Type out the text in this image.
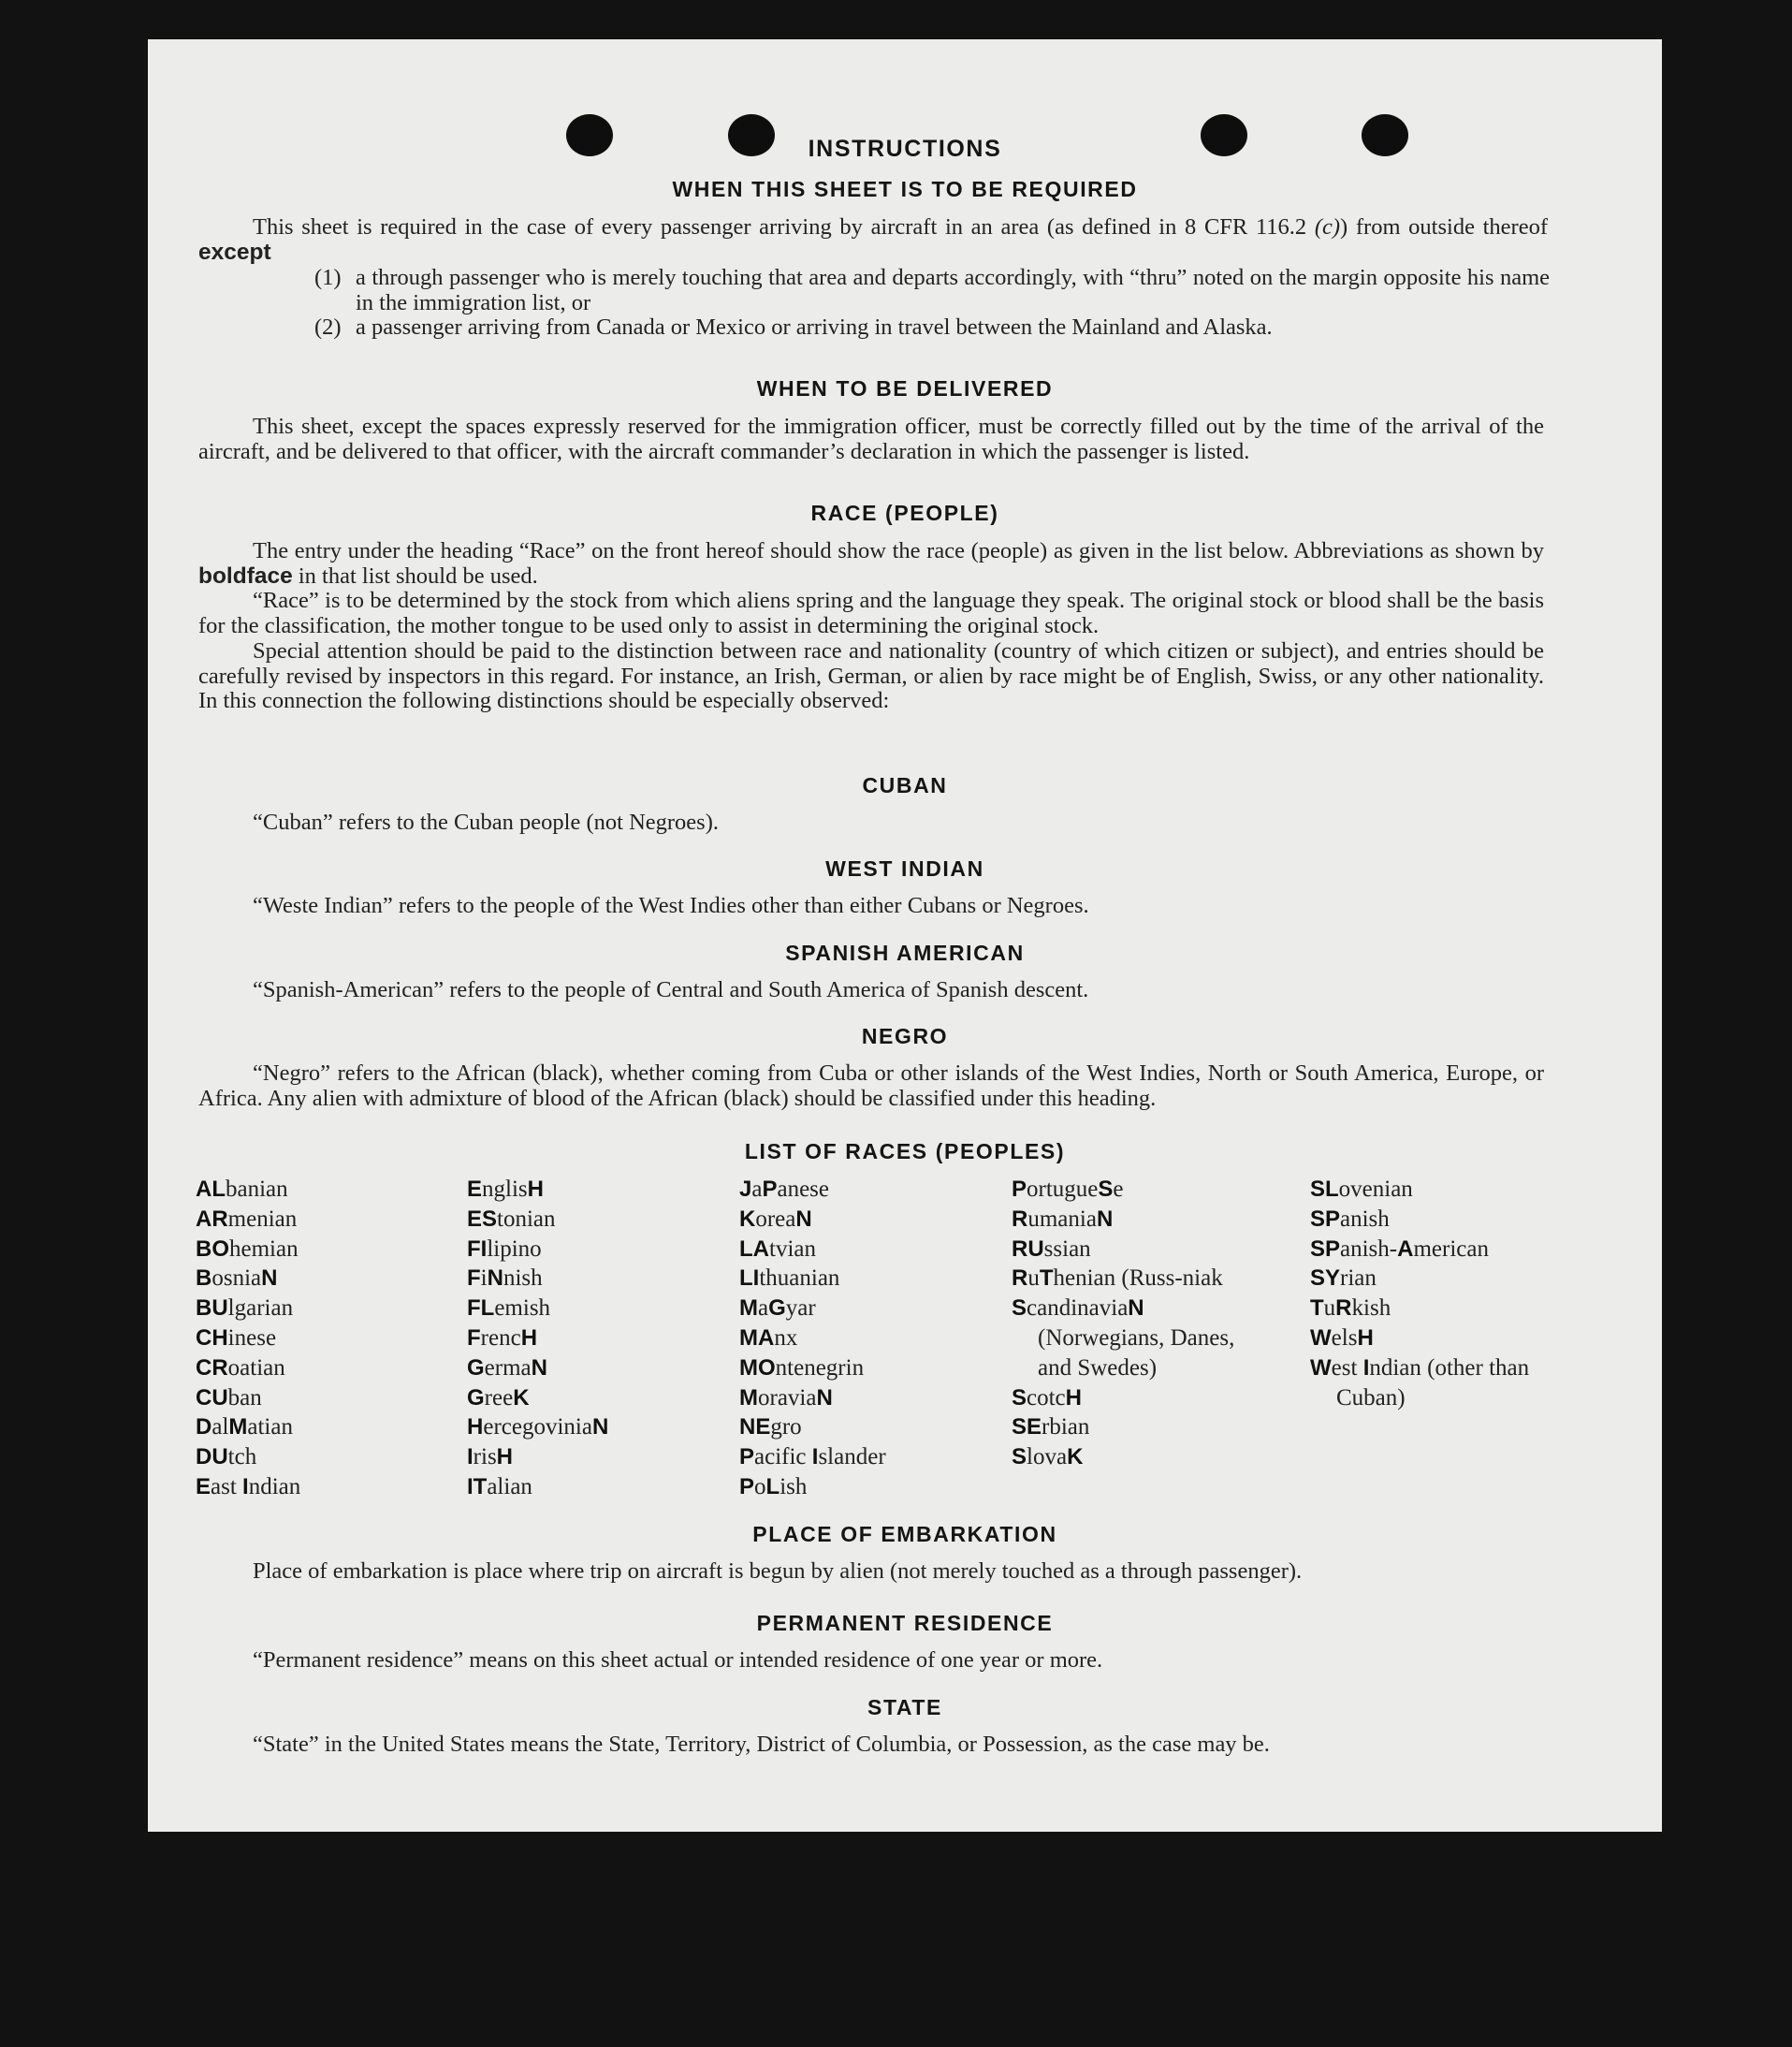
INSTRUCTIONS
WHEN THIS SHEET IS TO BE REQUIRED
This sheet is required in the case of every passenger arriving by aircraft in an area (as defined in 8 CFR 116.2 (c)) from outside thereof except
(1) a through passenger who is merely touching that area and departs accordingly, with “thru” noted on the margin opposite his name in the immigration list, or
(2) a passenger arriving from Canada or Mexico or arriving in travel between the Mainland and Alaska.
WHEN TO BE DELIVERED
This sheet, except the spaces expressly reserved for the immigration officer, must be correctly filled out by the time of the arrival of the aircraft, and be delivered to that officer, with the aircraft commander’s declaration in which the passenger is listed.
RACE (PEOPLE)
The entry under the heading “Race” on the front hereof should show the race (people) as given in the list below. Abbreviations as shown by boldface in that list should be used.
“Race” is to be determined by the stock from which aliens spring and the language they speak. The original stock or blood shall be the basis for the classification, the mother tongue to be used only to assist in determining the original stock.
Special attention should be paid to the distinction between race and nationality (country of which citizen or subject), and entries should be carefully revised by inspectors in this regard. For instance, an Irish, German, or alien by race might be of English, Swiss, or any other nationality. In this connection the following distinctions should be especially observed:
CUBAN
“Cuban” refers to the Cuban people (not Negroes).
WEST INDIAN
“Weste Indian” refers to the people of the West Indies other than either Cubans or Negroes.
SPANISH AMERICAN
“Spanish-American” refers to the people of Central and South America of Spanish descent.
NEGRO
“Negro” refers to the African (black), whether coming from Cuba or other islands of the West Indies, North or South America, Europe, or Africa. Any alien with admixture of blood of the African (black) should be classified under this heading.
LIST OF RACES (PEOPLES)
ALbanian
ARmenian
BOhemian
BosniaN
BUlgarian
CHinese
CRoatian
CUban
DalMatian
DUtch
East Indian
EnglisH
EStonian
FIlipino
FiNnish
FLemish
FrencH
GermaN
GreeK
HercegoviniaN
IrisH
ITalian
JaPanese
KoreaN
LAtvian
LIthuanian
MaGyar
MAnx
MOntenegrin
MoraviaN
NEgro
Pacific Islander
PoLish
PortugueSe
RumaniaN
RUssian
RuThenian (Russ-niak
ScandinaviaN (Norwegians, Danes, and Swedes)
ScotcH
SErbian
SlovaK
SLovenian
SPanish
SPanish-American
SYrian
TuRkish
WelsH
West Indian (other than Cuban)
PLACE OF EMBARKATION
Place of embarkation is place where trip on aircraft is begun by alien (not merely touched as a through passenger).
PERMANENT RESIDENCE
“Permanent residence” means on this sheet actual or intended residence of one year or more.
STATE
“State” in the United States means the State, Territory, District of Columbia, or Possession, as the case may be.
